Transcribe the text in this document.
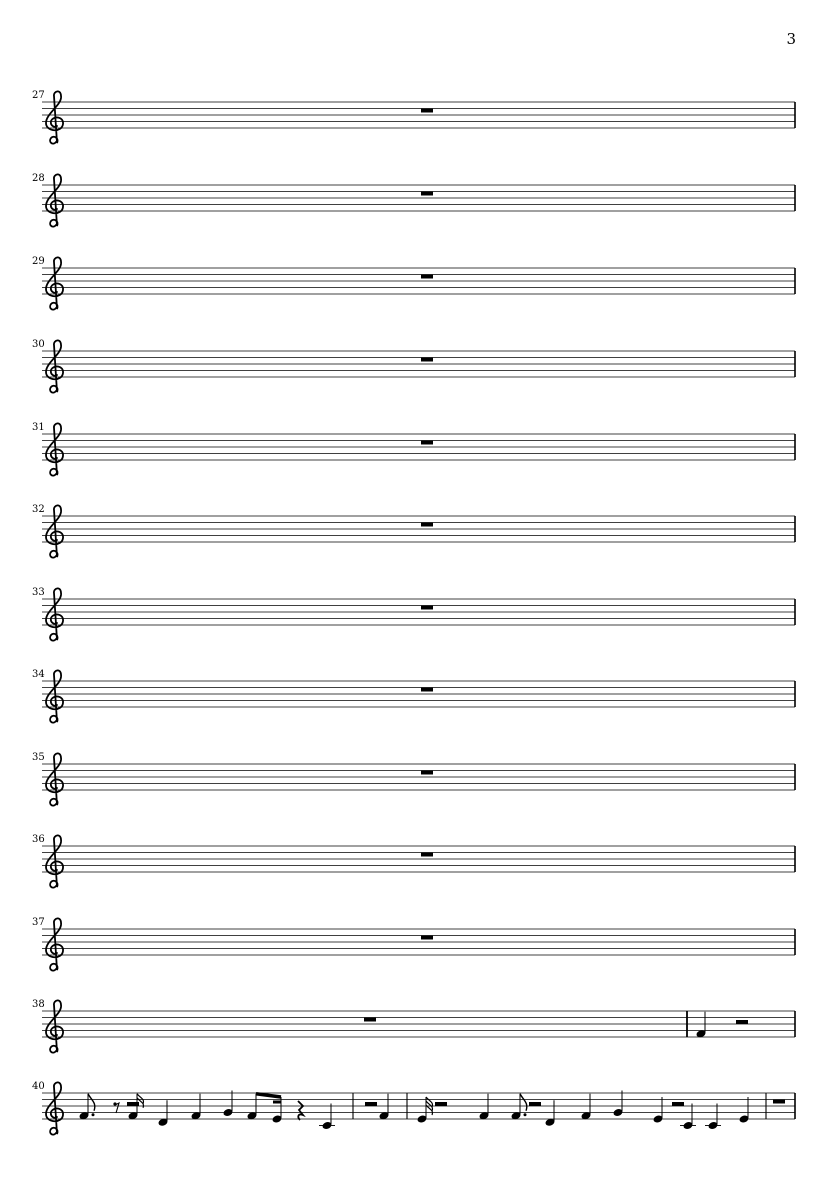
3
27
28
29
30
31
32
33
34
35
36
37
38
40
